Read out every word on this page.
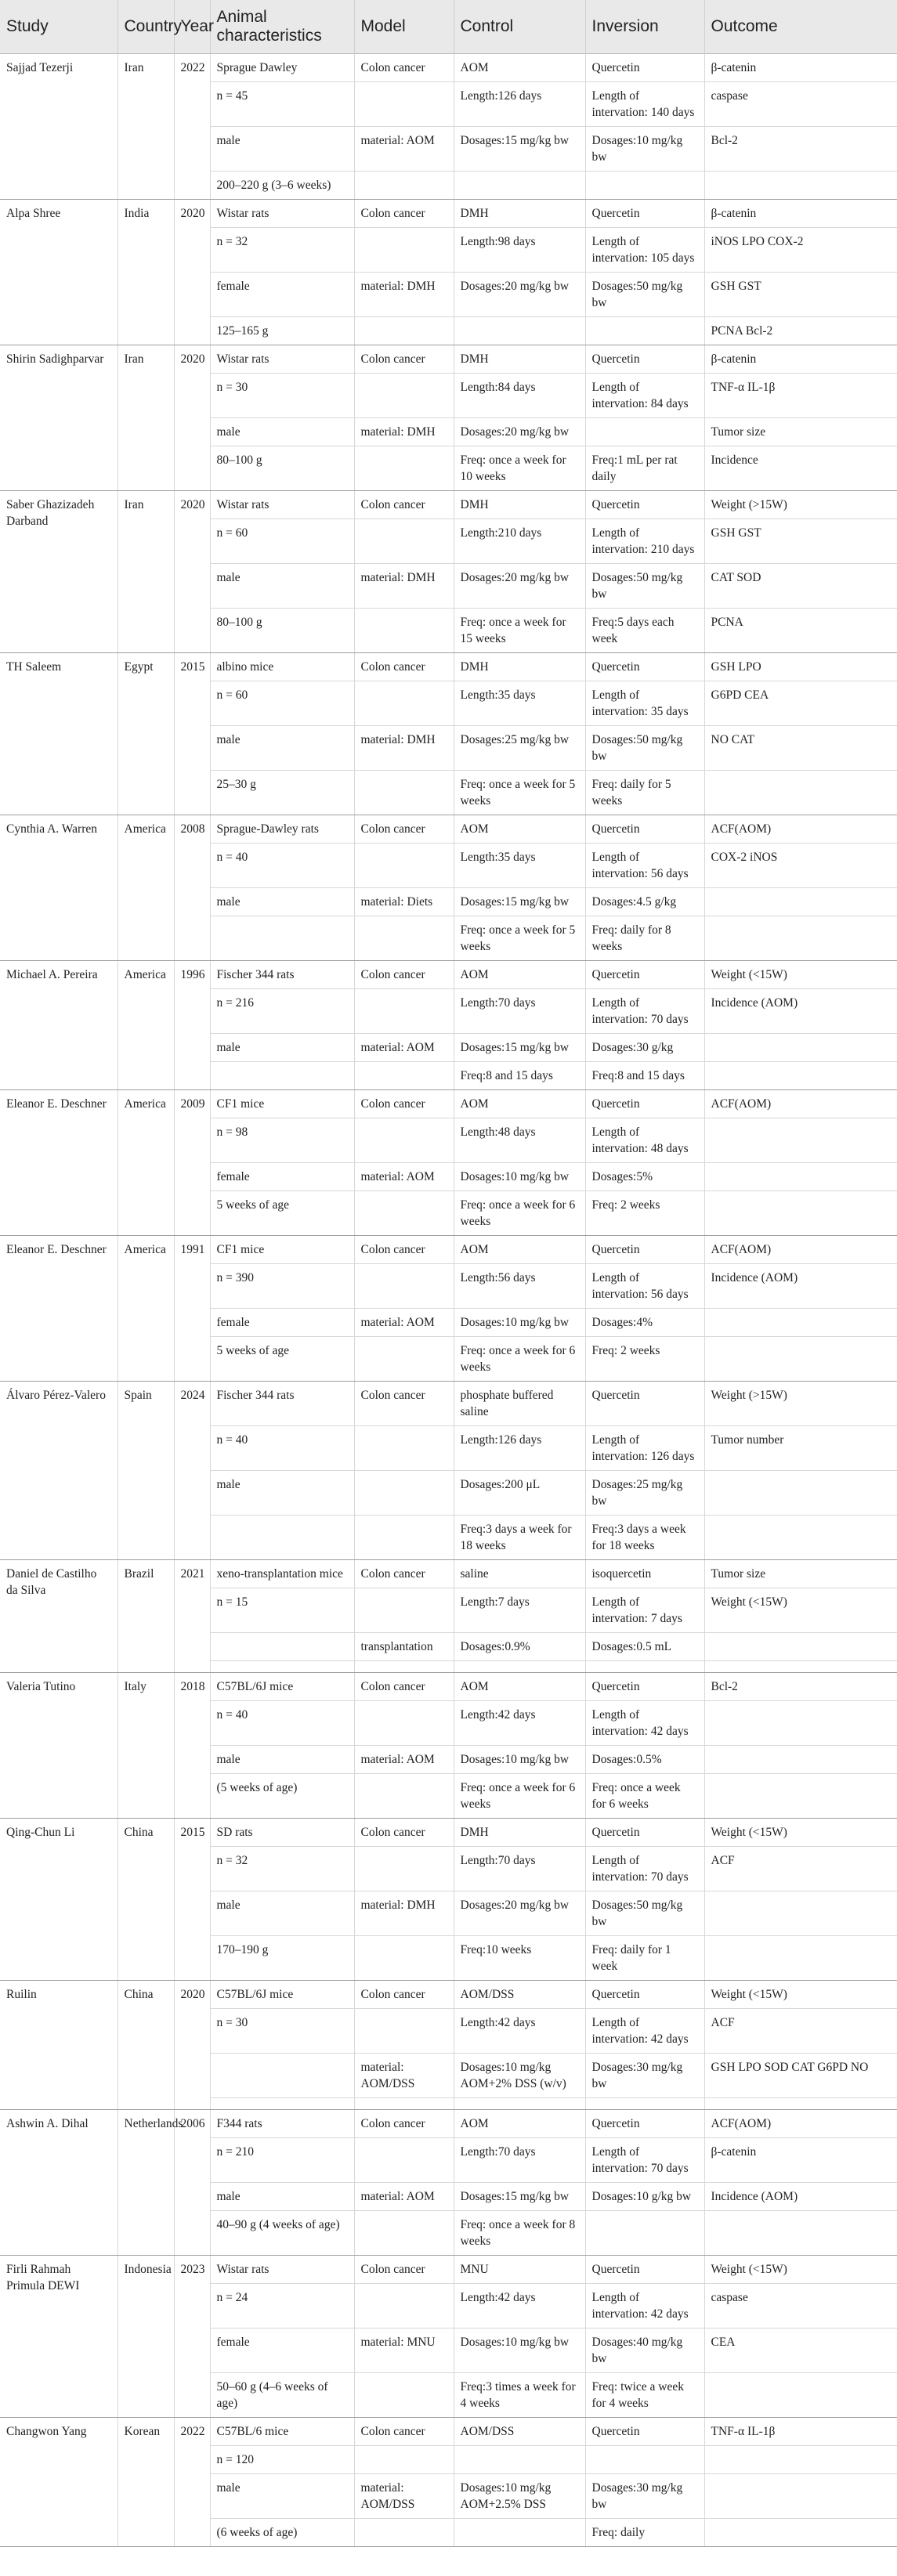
Study	Country	Year	Animal characteristics	Model	Control	Inversion	Outcome
Sajjad Tezerji	Iran	2022	Sprague Dawley	Colon cancer	AOM	Quercetin	β-catenin
			n = 45		Length:126 days	Length of intervation: 140 days	caspase
			male	material: AOM	Dosages:15 mg/kg bw	Dosages:10 mg/kg bw	Bcl-2
			200–220 g (3–6 weeks)				
Alpa Shree	India	2020	Wistar rats	Colon cancer	DMH	Quercetin	β-catenin
			n = 32		Length:98 days	Length of intervation: 105 days	iNOS LPO COX-2
			female	material: DMH	Dosages:20 mg/kg bw	Dosages:50 mg/kg bw	GSH GST
			125–165 g				PCNA Bcl-2
Shirin Sadighparvar	Iran	2020	Wistar rats	Colon cancer	DMH	Quercetin	β-catenin
			n = 30		Length:84 days	Length of intervation: 84 days	TNF-α IL-1β
			male	material: DMH	Dosages:20 mg/kg bw		Tumor size
			80–100 g		Freq: once a week for 10 weeks	Freq:1 mL per rat daily	Incidence
Saber Ghazizadeh Darband	Iran	2020	Wistar rats	Colon cancer	DMH	Quercetin	Weight (>15W)
			n = 60		Length:210 days	Length of intervation: 210 days	GSH GST
			male	material: DMH	Dosages:20 mg/kg bw	Dosages:50 mg/kg bw	CAT SOD
			80–100 g		Freq: once a week for 15 weeks	Freq:5 days each week	PCNA
TH Saleem	Egypt	2015	albino mice	Colon cancer	DMH	Quercetin	GSH LPO
			n = 60		Length:35 days	Length of intervation: 35 days	G6PD CEA
			male	material: DMH	Dosages:25 mg/kg bw	Dosages:50 mg/kg bw	NO CAT
			25–30 g		Freq: once a week for 5 weeks	Freq: daily for 5 weeks	
Cynthia A. Warren	America	2008	Sprague-Dawley rats	Colon cancer	AOM	Quercetin	ACF(AOM)
			n = 40		Length:35 days	Length of intervation: 56 days	COX-2 iNOS
			male	material: Diets	Dosages:15 mg/kg bw	Dosages:4.5 g/kg	
					Freq: once a week for 5 weeks	Freq: daily for 8 weeks	
Michael A. Pereira	America	1996	Fischer 344 rats	Colon cancer	AOM	Quercetin	Weight (<15W)
			n = 216		Length:70 days	Length of intervation: 70 days	Incidence (AOM)
			male	material: AOM	Dosages:15 mg/kg bw	Dosages:30 g/kg	
					Freq:8 and 15 days	Freq:8 and 15 days	
Eleanor E. Deschner	America	2009	CF1 mice	Colon cancer	AOM	Quercetin	ACF(AOM)
			n = 98		Length:48 days	Length of intervation: 48 days	
			female	material: AOM	Dosages:10 mg/kg bw	Dosages:5%	
			5 weeks of age		Freq: once a week for 6 weeks	Freq: 2 weeks	
Eleanor E. Deschner	America	1991	CF1 mice	Colon cancer	AOM	Quercetin	ACF(AOM)
			n = 390		Length:56 days	Length of intervation: 56 days	Incidence (AOM)
			female	material: AOM	Dosages:10 mg/kg bw	Dosages:4%	
			5 weeks of age		Freq: once a week for 6 weeks	Freq: 2 weeks	
Álvaro Pérez-Valero	Spain	2024	Fischer 344 rats	Colon cancer	phosphate buffered saline	Quercetin	Weight (>15W)
			n = 40		Length:126 days	Length of intervation: 126 days	Tumor number
			male		Dosages:200 μL	Dosages:25 mg/kg bw	
					Freq:3 days a week for 18 weeks	Freq:3 days a week for 18 weeks	
Daniel de Castilho da Silva	Brazil	2021	xeno-transplantation mice	Colon cancer	saline	isoquercetin	Tumor size
			n = 15		Length:7 days	Length of intervation: 7 days	Weight (<15W)
				transplantation	Dosages:0.9%	Dosages:0.5 mL	

Valeria Tutino	Italy	2018	C57BL/6J mice	Colon cancer	AOM	Quercetin	Bcl-2
			n = 40		Length:42 days	Length of intervation: 42 days	
			male	material: AOM	Dosages:10 mg/kg bw	Dosages:0.5%	
			(5 weeks of age)		Freq: once a week for 6 weeks	Freq: once a week for 6 weeks	
Qing-Chun Li	China	2015	SD rats	Colon cancer	DMH	Quercetin	Weight (<15W)
			n = 32		Length:70 days	Length of intervation: 70 days	ACF
			male	material: DMH	Dosages:20 mg/kg bw	Dosages:50 mg/kg bw	
			170–190 g		Freq:10 weeks	Freq: daily for 1 week	
Ruilin	China	2020	C57BL/6J mice	Colon cancer	AOM/DSS	Quercetin	Weight (<15W)
			n = 30		Length:42 days	Length of intervation: 42 days	ACF
				material: AOM/DSS	Dosages:10 mg/kg AOM+2% DSS (w/v)	Dosages:30 mg/kg bw	GSH LPO SOD CAT G6PD NO

Ashwin A. Dihal	Netherlands	2006	F344 rats	Colon cancer	AOM	Quercetin	ACF(AOM)
			n = 210		Length:70 days	Length of intervation: 70 days	β-catenin
			male	material: AOM	Dosages:15 mg/kg bw	Dosages:10 g/kg bw	Incidence (AOM)
			40–90 g (4 weeks of age)		Freq: once a week for 8 weeks		
Firli Rahmah Primula DEWI	Indonesia	2023	Wistar rats	Colon cancer	MNU	Quercetin	Weight (<15W)
			n = 24		Length:42 days	Length of intervation: 42 days	caspase
			female	material: MNU	Dosages:10 mg/kg bw	Dosages:40 mg/kg bw	CEA
			50–60 g (4–6 weeks of age)		Freq:3 times a week for 4 weeks	Freq: twice a week for 4 weeks	
Changwon Yang	Korean	2022	C57BL/6 mice	Colon cancer	AOM/DSS	Quercetin	TNF-α IL-1β
			n = 120				
			male	material: AOM/DSS	Dosages:10 mg/kg AOM+2.5% DSS	Dosages:30 mg/kg bw	
			(6 weeks of age)			Freq: daily	
